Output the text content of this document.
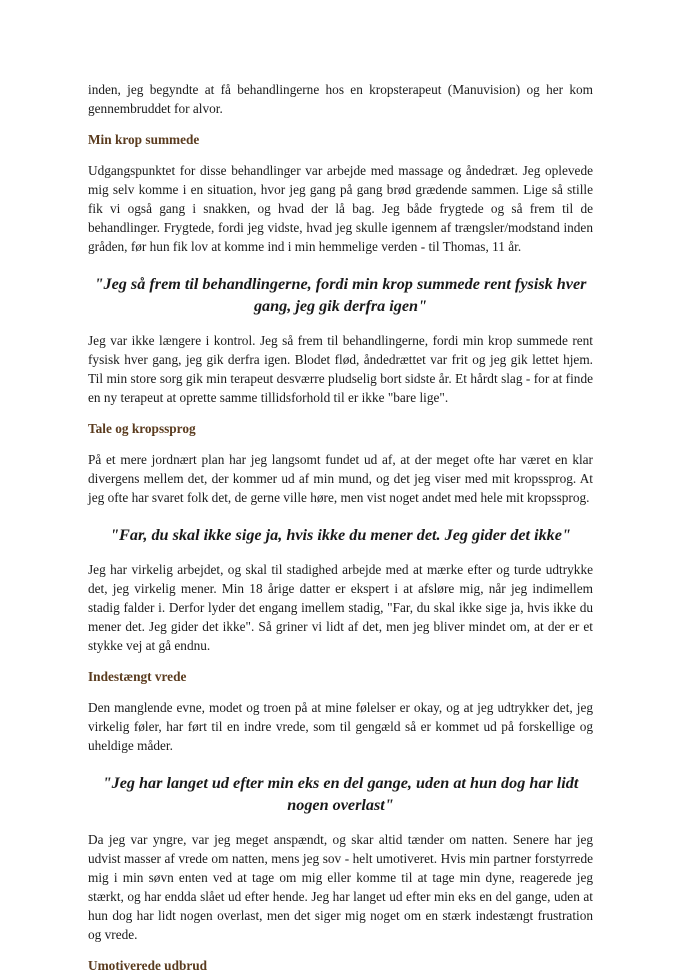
inden, jeg begyndte at få behandlingerne hos en kropsterapeut (Manuvision) og her kom gennembruddet for alvor.

Min krop summede

Udgangspunktet for disse behandlinger var arbejde med massage og åndedræt. Jeg oplevede mig selv komme i en situation, hvor jeg gang på gang brød grædende sammen. Lige så stille fik vi også gang i snakken, og hvad der lå bag. Jeg både frygtede og så frem til de behandlinger. Frygtede, fordi jeg vidste, hvad jeg skulle igennem af trængsler/modstand inden gråden, før hun fik lov at komme ind i min hemmelige verden - til Thomas, 11 år.

"Jeg så frem til behandlingerne, fordi min krop summede rent fysisk hver gang, jeg gik derfra igen"

Jeg var ikke længere i kontrol. Jeg så frem til behandlingerne, fordi min krop summede rent fysisk hver gang, jeg gik derfra igen. Blodet flød, åndedrættet var frit og jeg gik lettet hjem. Til min store sorg gik min terapeut desværre pludselig bort sidste år. Et hårdt slag - for at finde en ny terapeut at oprette samme tillidsforhold til er ikke "bare lige".

Tale og kropssprog

På et mere jordnært plan har jeg langsomt fundet ud af, at der meget ofte har været en klar divergens mellem det, der kommer ud af min mund, og det jeg viser med mit kropssprog. At jeg ofte har svaret folk det, de gerne ville høre, men vist noget andet med hele mit kropssprog.

"Far, du skal ikke sige ja, hvis ikke du mener det. Jeg gider det ikke"

Jeg har virkelig arbejdet, og skal til stadighed arbejde med at mærke efter og turde udtrykke det, jeg virkelig mener. Min 18 årige datter er ekspert i at afsløre mig, når jeg indimellem stadig falder i. Derfor lyder det engang imellem stadig, "Far, du skal ikke sige ja, hvis ikke du mener det. Jeg gider det ikke". Så griner vi lidt af det, men jeg bliver mindet om, at der er et stykke vej at gå endnu.

Indestængt vrede

Den manglende evne, modet og troen på at mine følelser er okay, og at jeg udtrykker det, jeg virkelig føler, har ført til en indre vrede, som til gengæld så er kommet ud på forskellige og uheldige måder.

"Jeg har langet ud efter min eks en del gange, uden at hun dog har lidt nogen overlast"

Da jeg var yngre, var jeg meget anspændt, og skar altid tænder om natten. Senere har jeg udvist masser af vrede om natten, mens jeg sov - helt umotiveret. Hvis min partner forstyrrede mig i min søvn enten ved at tage om mig eller komme til at tage min dyne, reagerede jeg stærkt, og har endda slået ud efter hende. Jeg har langet ud efter min eks en del gange, uden at hun dog har lidt nogen overlast, men det siger mig noget om en stærk indestængt frustration og vrede.

Umotiverede udbrud
